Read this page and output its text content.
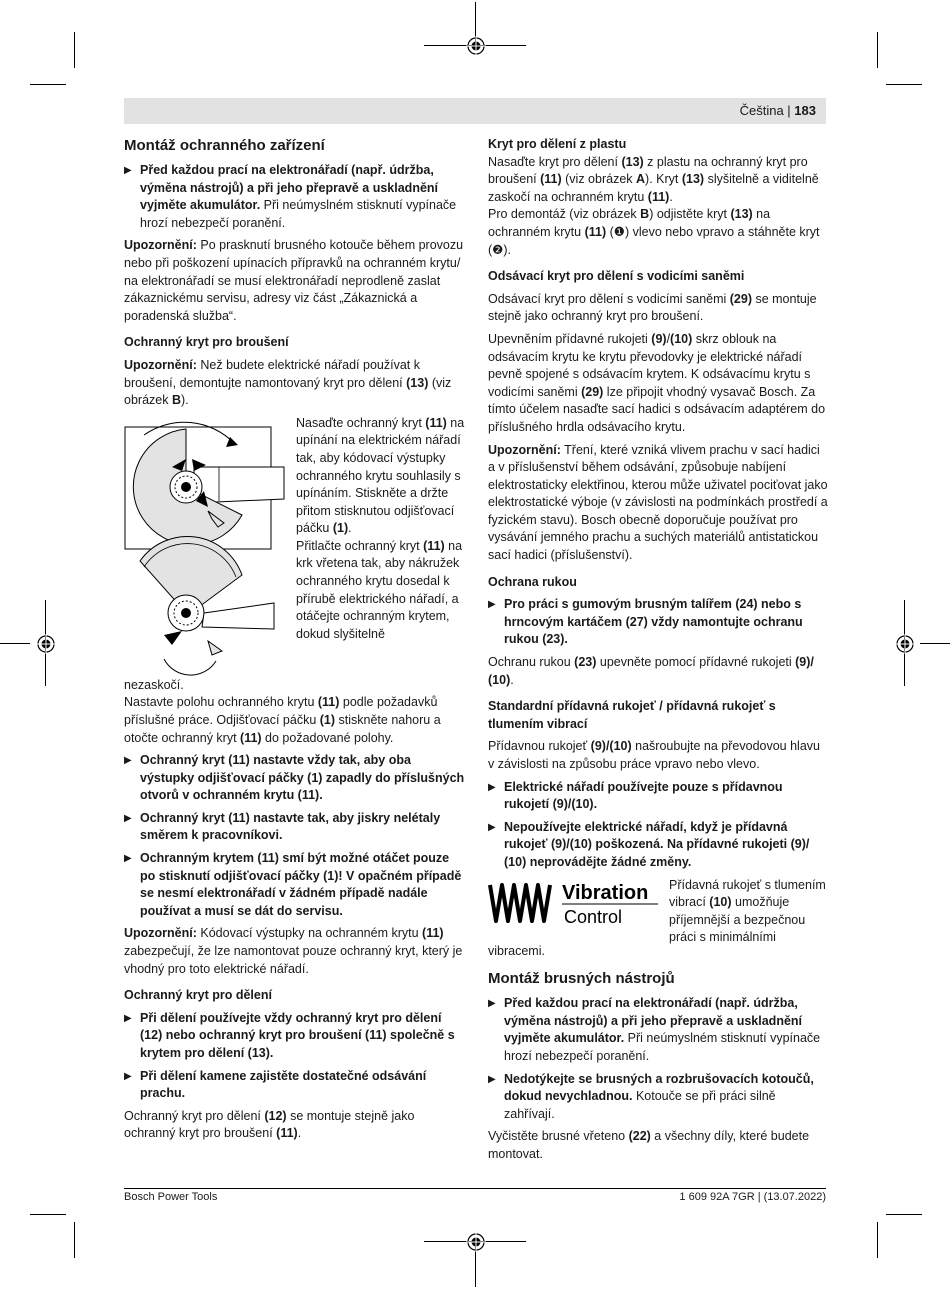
Čeština | 183
Montáž ochranného zařízení

▶ Před každou prací na elektronářadí (např. údržba, výměna nástrojů) a při jeho přepravě a uskladnění vyjměte akumulátor. Při neúmyslném stisknutí vypínače hrozí nebezpečí poranění.

Upozornění: Po prasknutí brusného kotouče během provozu nebo při poškození upínacích přípravků na ochranném krytu/ na elektronářadí se musí elektronářadí neprodleně zaslat zákaznickému servisu, adresy viz část „Zákaznická a poradenská služba“.

Ochranný kryt pro broušení

Upozornění: Než budete elektrické nářadí používat k broušení, demontujte namontovaný kryt pro dělení (13) (viz obrázek B).

Nasaďte ochranný kryt (11) na upínání na elektrickém nářadí tak, aby kódovací výstupky ochranného krytu souhlasily s upínáním. Stiskněte a držte přitom stisknutou odjišťovací páčku (1).

Přitlačte ochranný kryt (11) na krk vřetena tak, aby nákružek ochranného krytu dosedal k přírubě elektrického nářadí, a otáčejte ochranným krytem, dokud slyšitelně

nezaskočí.

Nastavte polohu ochranného krytu (11) podle požadavků příslušné práce. Odjišťovací páčku (1) stiskněte nahoru a otočte ochranný kryt (11) do požadované polohy.

▶ Ochranný kryt (11) nastavte vždy tak, aby oba výstupky odjišťovací páčky (1) zapadly do příslušných otvorů v ochranném krytu (11).

▶ Ochranný kryt (11) nastavte tak, aby jiskry nelétaly směrem k pracovníkovi.

▶ Ochranným krytem (11) smí být možné otáčet pouze po stisknutí odjišťovací páčky (1)! V opačném případě se nesmí elektronářadí v žádném případě nadále používat a musí se dát do servisu.

Upozornění: Kódovací výstupky na ochranném krytu (11) zabezpečují, že lze namontovat pouze ochranný kryt, který je vhodný pro toto elektrické nářadí.

Ochranný kryt pro dělení

▶ Při dělení používejte vždy ochranný kryt pro dělení (12) nebo ochranný kryt pro broušení (11) společně s krytem pro dělení (13).

▶ Při dělení kamene zajistěte dostatečné odsávání prachu.

Ochranný kryt pro dělení (12) se montuje stejně jako ochranný kryt pro broušení (11).

Kryt pro dělení z plastu

Nasaďte kryt pro dělení (13) z plastu na ochranný kryt pro broušení (11) (viz obrázek A). Kryt (13) slyšitelně a viditelně zaskočí na ochranném krytu (11).

Pro demontáž (viz obrázek B) odjistěte kryt (13) na ochranném krytu (11) (❶) vlevo nebo vpravo a stáhněte kryt (❷).

Odsávací kryt pro dělení s vodicími saněmi

Odsávací kryt pro dělení s vodicími saněmi (29) se montuje stejně jako ochranný kryt pro broušení.

Upevněním přídavné rukojeti (9)/(10) skrz oblouk na odsávacím krytu ke krytu převodovky je elektrické nářadí pevně spojené s odsávacím krytem. K odsávacímu krytu s vodicími saněmi (29) lze připojit vhodný vysavač Bosch. Za tímto účelem nasaďte sací hadici s odsávacím adaptérem do příslušného hrdla odsávacího krytu.

Upozornění: Tření, které vzniká vlivem prachu v sací hadici a v příslušenství během odsávání, způsobuje nabíjení elektrostaticky elektřinou, kterou může uživatel pociťovat jako elektrostatické výboje (v závislosti na podmínkách prostředí a fyzickém stavu). Bosch obecně doporučuje používat pro vysávání jemného prachu a suchých materiálů antistatickou sací hadici (příslušenství).

Ochrana rukou

▶ Pro práci s gumovým brusným talířem (24) nebo s hrncovým kartáčem (27) vždy namontujte ochranu rukou (23).

Ochranu rukou (23) upevněte pomocí přídavné rukojeti (9)/ (10).

Standardní přídavná rukojeť / přídavná rukojeť s tlumením vibrací

Přídavnou rukojeť (9)/(10) našroubujte na převodovou hlavu v závislosti na způsobu práce vpravo nebo vlevo.

▶ Elektrické nářadí používejte pouze s přídavnou rukojetí (9)/(10).

▶ Nepoužívejte elektrické nářadí, když je přídavná rukojeť (9)/(10) poškozená. Na přídavné rukojeti (9)/ (10) neprovádějte žádné změny.

Vibration
Control

Přídavná rukojeť s tlumením vibrací (10) umožňuje příjemnější a bezpečnou práci s minimálními

vibracemi.

Montáž brusných nástrojů

▶ Před každou prací na elektronářadí (např. údržba, výměna nástrojů) a při jeho přepravě a uskladnění vyjměte akumulátor. Při neúmyslném stisknutí vypínače hrozí nebezpečí poranění.

▶ Nedotýkejte se brusných a rozbrušovacích kotoučů, dokud nevychladnou. Kotouče se při práci silně zahřívají.

Vyčistěte brusné vřeteno (22) a všechny díly, které budete montovat.

Bosch Power Tools	1 609 92A 7GR | (13.07.2022)
